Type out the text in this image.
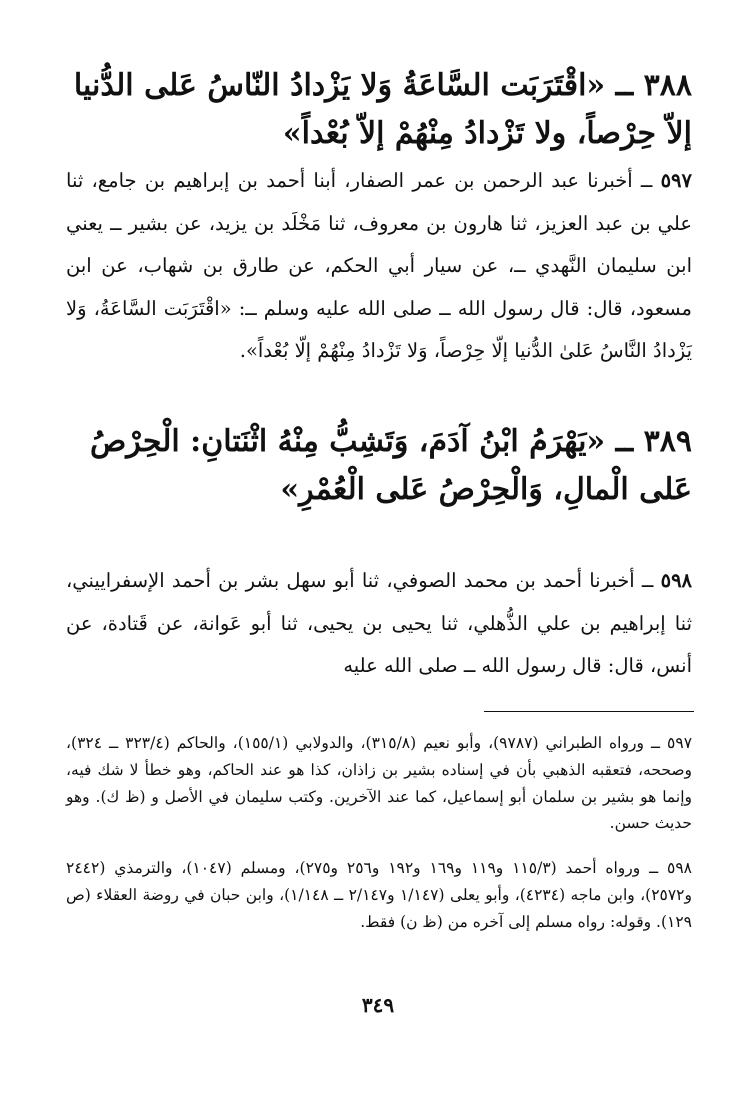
٣٨٨ ــ «اقْتَرَبَت السَّاعَةُ وَلا يَزْدادُ النّاسُ عَلى الدُّنيا إلاّ حِرْصاً، ولا تَزْدادُ مِنْهُمْ إلاّ بُعْداً»
٥٩٧ ــ أخبرنا عبد الرحمن بن عمر الصفار، أبنا أحمد بن إبراهيم بن جامع، ثنا علي بن عبد العزيز، ثنا هارون بن معروف، ثنا مَخْلَد بن يزيد، عن بشير ــ يعني ابن سليمان النَّهدي ــ، عن سيار أبي الحكم، عن طارق بن شهاب، عن ابن مسعود، قال: قال رسول الله ــ صلى الله عليه وسلم ــ: «اقْتَرَبَت السَّاعَةُ، وَلا يَزْدادُ النَّاسُ عَلىٰ الدُّنيا إلّا حِرْصاً، وَلا تَزْدادُ مِنْهُمْ إلّا بُعْداً».
٣٨٩ ــ «يَهْرَمُ ابْنُ آدَمَ، وَتَشِبُّ مِنْهُ اثْنَتانِ: الْحِرْصُ عَلى الْمالِ، وَالْحِرْصُ عَلى الْعُمْرِ»
٥٩٨ ــ أخبرنا أحمد بن محمد الصوفي، ثنا أبو سهل بشر بن أحمد الإسفراييني، ثنا إبراهيم بن علي الذُّهلي، ثنا يحيى بن يحيى، ثنا أبو عَوانة، عن قَتادة، عن أنس، قال: قال رسول الله ــ صلى الله عليه
٥٩٧ ــ ورواه الطبراني (٩٧٨٧)، وأبو نعيم (٣١٥/٨)، والدولابي (١٥٥/١)، والحاكم (٣٢٣/٤ ــ ٣٢٤)، وصححه، فتعقبه الذهبي بأن في إسناده بشير بن زاذان، كذا هو عند الحاكم، وهو خطأ لا شك فيه، وإنما هو بشير بن سلمان أبو إسماعيل، كما عند الآخرين. وكتب سليمان في الأصل و (ظ ك). وهو حديث حسن.
٥٩٨ ــ ورواه أحمد (١١٥/٣ و١١٩ و١٦٩ و١٩٢ و٢٥٦ و٢٧٥)، ومسلم (١٠٤٧)، والترمذي (٢٤٤٢ و٢٥٧٢)، وابن ماجه (٤٢٣٤)، وأبو يعلى (١/١٤٧ و٢/١٤٧ ــ ١/١٤٨)، وابن حبان في روضة العقلاء (ص ١٢٩). وقوله: رواه مسلم إلى آخره من (ظ ن) فقط.
٣٤٩
